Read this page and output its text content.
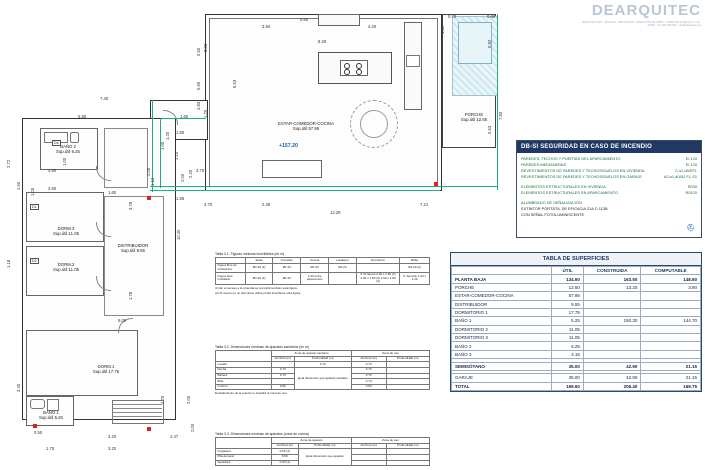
DEARQUITEC
ARQUITECTURA · TÉCNICA · PROYECTOS · DIRECCIÓN DE OBRA · LICENCIAS C/ Ejemplo nº 00 · 00000 · Tel. 000 000 000 · info@dearquitec.es
ESTAR-COMEDOR-COCINA
Sup.útil 57.95
+157.20
BAÑO 2
Sup.útil 6.25
DORM.3
Sup.útil 11.05
DORM.2
Sup.útil 11.05
DORM.1
Sup.útil 17.75
BAÑO 1
Sup.útil 5.25
DISTRIBUIDOR
Sup.útil 9.55
PORCHE
Sup.útil 12.65
D4
D1
D2
7.40
5.80	1.60
3.94	4.20
8.29
0.60
3.03
4.83
6.53
1.20
1.00
1.80
2.10
3.70
1.85
3.70	2.38
13.29
7.21
3.90
3.90
1.60
5.00
3.20
1.70	3.20
1.47
1.10	2.00
2.72
1.50
1.18
3.40
10.40
4.70	2.00
1.35
7.83
5.53
0.92
0.68
0.70
1.00
2.00
0.60
0.60
1.20
2.20
3.78
1.78
0.50
1.00
2.00
DB-SI SEGURIDAD EN CASO DE INCENDIO
PAREDES, TECHOS Y PUERTAS DEL APARCAMIENTO	EI 120
PAREDES MEDIANERAS	EI 120
REVESTIMIENTOS DE PAREDES Y TECHOS/SUELOS EN VIVIENDA	C-s2,d0/EFL
REVESTIMIENTOS DE PAREDES Y TECHOS/SUELOS EN GARAJE	A2-s1,d0/A2 FL-S1
ELEMENTOS ESTRUCTURALES EN VIVIENDA	R030
ELEMENTOS ESTRUCTURALES EN APARCAMIENTO	R0120
ALUMBRADO DE SEÑALIZACIÓN
EXTINTOR PORTÁTIL DE EFICACIA 21A O 113B
CON SEÑAL FOTOLUMINISCENTE
⛑
TABLA DE SUPERFICIES
	ÚTIL	CONSTRUIDA	COMPUTABLE
PLANTA BAJA	134.60	163.50	148.60
PORCHE	12.60	13.20	3.90
ESTAR-COMEDOR-COCINA	57.95		
DISTRIBUIDOR	9.55		
DORMITORIO 1	17.75		
BAÑO 1	5.25	150.30	144.70
DORMITORIO 2	11.05		
DORMITORIO 3	11.05		
BAÑO 2	6.25		
BAÑO 3	3.15		

SEMISÓTANO	35.00	42.90	21.15

GARAJE	35.00	42.90	21.15
TOTAL	169.60	206.40	169.75
Tabla 3.1. Figuras mínimas inscribibles (en m)
	Estar	Comedor	Cocina	Lavadero	Dormitorio	Baño
Figura libre de obstáculos	Ø1.20 (1)	Ø1.20	Ø1.20	Ø1.20		Ø1.20 (2)
Figura ante mobiliario	Ø1.20 (1)	Ø1.20	1.60 entre paramentos		0.70 lateral 2.00 x 2.60 (2) 2.00 x 1.80 (3) 2.00 x 1.80 (4)	0. Sencillo 1.20 x 1.20
(1) En el acceso a la vivienda se cumplirá también esta figura.
(2) Al menos en un dormitorio doble podrá inscribirse esta figura.
Tabla 3.2. Dimensiones mínimas de aparatos sanitarios (en m)
	Zona de aparato sanitario		Zona de uso	
	Anchura (m)	Profundidad (m)	Anchura (m)	Profundidad (m)
Lavabo		0.70	0.70	
Ducha	0.70	Igual dimensión que aparato sanitario	0.70	
Bañera	0.70		0.70	
Bidé			0.70	
Inodoro	0.80		0.80	
El abatimiento de la puerta no invadirá la zona de uso.
Tabla 3.3. Dimensiones mínimas de aparatos (zona de cocina)
	Zona de aparato		Zona de uso	
	Anchura (m)	Profundidad (m)	Anchura (m)	Profundidad (m)
Fregadero	0.60 (1)	Igual dimensión que aparato		
Pila de lavar	0.50			
Secadora	0.60 (1)			
